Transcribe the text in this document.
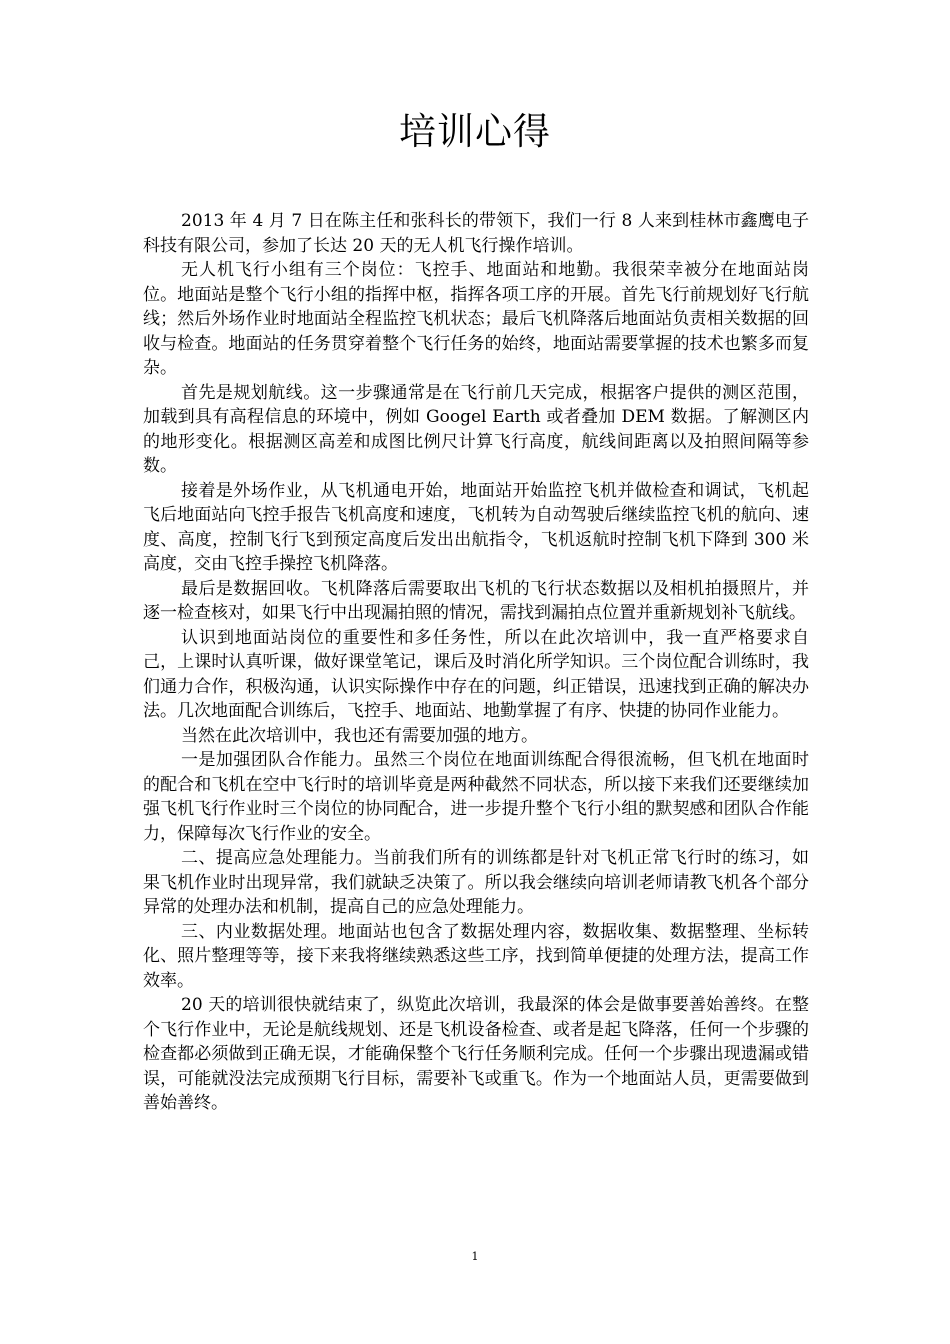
培训心得

2013 年 4 月 7 日在陈主任和张科长的带领下，我们一行 8 人来到桂林市鑫鹰电子科技有限公司，参加了长达 20 天的无人机飞行操作培训。

无人机飞行小组有三个岗位：飞控手、地面站和地勤。我很荣幸被分在地面站岗位。地面站是整个飞行小组的指挥中枢，指挥各项工序的开展。首先飞行前规划好飞行航线；然后外场作业时地面站全程监控飞机状态；最后飞机降落后地面站负责相关数据的回收与检查。地面站的任务贯穿着整个飞行任务的始终，地面站需要掌握的技术也繁多而复杂。

首先是规划航线。这一步骤通常是在飞行前几天完成，根据客户提供的测区范围，加载到具有高程信息的环境中，例如 Googel Earth 或者叠加 DEM 数据。了解测区内的地形变化。根据测区高差和成图比例尺计算飞行高度，航线间距离以及拍照间隔等参数。

接着是外场作业，从飞机通电开始，地面站开始监控飞机并做检查和调试，飞机起飞后地面站向飞控手报告飞机高度和速度，飞机转为自动驾驶后继续监控飞机的航向、速度、高度，控制飞行飞到预定高度后发出出航指令，飞机返航时控制飞机下降到 300 米高度，交由飞控手操控飞机降落。

最后是数据回收。飞机降落后需要取出飞机的飞行状态数据以及相机拍摄照片，并逐一检查核对，如果飞行中出现漏拍照的情况，需找到漏拍点位置并重新规划补飞航线。

认识到地面站岗位的重要性和多任务性，所以在此次培训中，我一直严格要求自己，上课时认真听课，做好课堂笔记，课后及时消化所学知识。三个岗位配合训练时，我们通力合作，积极沟通，认识实际操作中存在的问题，纠正错误，迅速找到正确的解决办法。几次地面配合训练后，飞控手、地面站、地勤掌握了有序、快捷的协同作业能力。

当然在此次培训中，我也还有需要加强的地方。

一是加强团队合作能力。虽然三个岗位在地面训练配合得很流畅，但飞机在地面时的配合和飞机在空中飞行时的培训毕竟是两种截然不同状态，所以接下来我们还要继续加强飞机飞行作业时三个岗位的协同配合，进一步提升整个飞行小组的默契感和团队合作能力，保障每次飞行作业的安全。

二、提高应急处理能力。当前我们所有的训练都是针对飞机正常飞行时的练习，如果飞机作业时出现异常，我们就缺乏决策了。所以我会继续向培训老师请教飞机各个部分异常的处理办法和机制，提高自己的应急处理能力。

三、内业数据处理。地面站也包含了数据处理内容，数据收集、数据整理、坐标转化、照片整理等等，接下来我将继续熟悉这些工序，找到简单便捷的处理方法，提高工作效率。

20 天的培训很快就结束了，纵览此次培训，我最深的体会是做事要善始善终。在整个飞行作业中，无论是航线规划、还是飞机设备检查、或者是起飞降落，任何一个步骤的检查都必须做到正确无误，才能确保整个飞行任务顺利完成。任何一个步骤出现遗漏或错误，可能就没法完成预期飞行目标，需要补飞或重飞。作为一个地面站人员，更需要做到善始善终。

1
